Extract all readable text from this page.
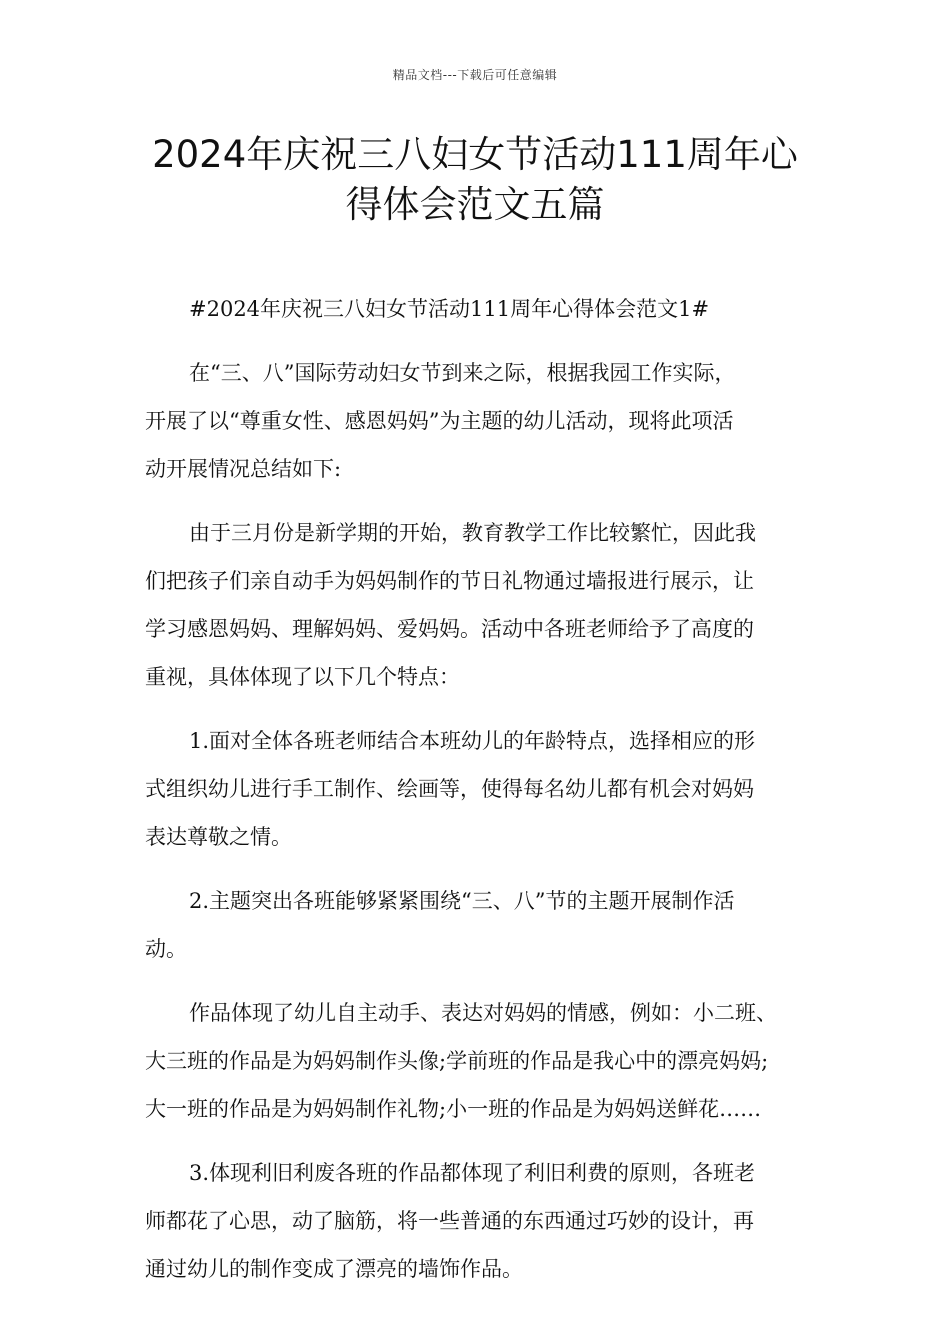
精品文档---下载后可任意编辑
2024年庆祝三八妇女节活动111周年心
得体会范文五篇

#2024年庆祝三八妇女节活动111周年心得体会范文1#

在“三、八”国际劳动妇女节到来之际，根据我园工作实际，
开展了以“尊重女性、感恩妈妈”为主题的幼儿活动，现将此项活
动开展情况总结如下:

由于三月份是新学期的开始，教育教学工作比较繁忙，因此我
们把孩子们亲自动手为妈妈制作的节日礼物通过墙报进行展示，让
学习感恩妈妈、理解妈妈、爱妈妈。活动中各班老师给予了高度的
重视，具体体现了以下几个特点：

1.面对全体各班老师结合本班幼儿的年龄特点，选择相应的形
式组织幼儿进行手工制作、绘画等，使得每名幼儿都有机会对妈妈
表达尊敬之情。

2.主题突出各班能够紧紧围绕“三、八”节的主题开展制作活
动。

作品体现了幼儿自主动手、表达对妈妈的情感，例如：小二班、
大三班的作品是为妈妈制作头像;学前班的作品是我心中的漂亮妈妈;
大一班的作品是为妈妈制作礼物;小一班的作品是为妈妈送鲜花……

3.体现利旧利废各班的作品都体现了利旧利费的原则，各班老
师都花了心思，动了脑筋，将一些普通的东西通过巧妙的设计，再
通过幼儿的制作变成了漂亮的墙饰作品。
